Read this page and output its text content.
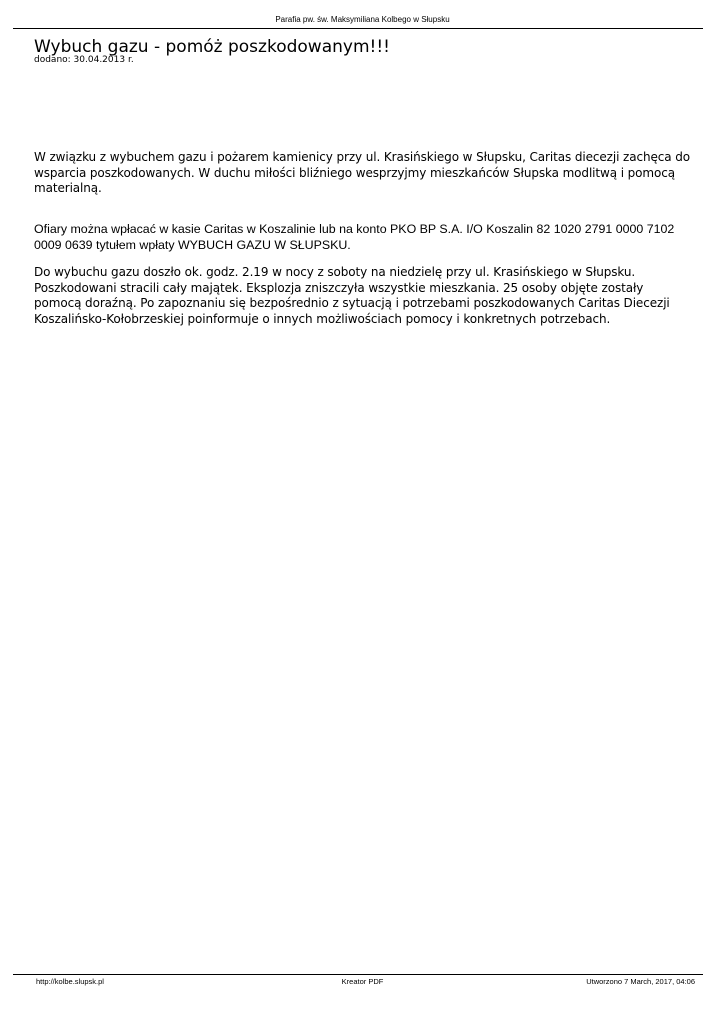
Parafia pw. św. Maksymiliana Kolbego w Słupsku
Wybuch gazu - pomóż poszkodowanym!!!
dodano: 30.04.2013 r.

W związku z wybuchem gazu i pożarem kamienicy przy ul. Krasińskiego w Słupsku, Caritas diecezji zachęca do wsparcia poszkodowanych. W duchu miłości bliźniego wesprzyjmy mieszkańców Słupska modlitwą i pomocą materialną.

Ofiary można wpłacać w kasie Caritas w Koszalinie lub na konto PKO BP S.A. I/O Koszalin 82 1020 2791 0000 7102 0009 0639 tytułem wpłaty WYBUCH GAZU W SŁUPSKU.

Do wybuchu gazu doszło ok. godz. 2.19 w nocy z soboty na niedzielę przy ul. Krasińskiego w Słupsku. Poszkodowani stracili cały majątek. Eksplozja zniszczyła wszystkie mieszkania. 25 osoby objęte zostały pomocą doraźną. Po zapoznaniu się bezpośrednio z sytuacją i potrzebami poszkodowanych Caritas Diecezji Koszalińsko-Kołobrzeskiej poinformuje o innych możliwościach pomocy i konkretnych potrzebach.

http://kolbe.slupsk.pl	Kreator PDF	Utworzono 7 March, 2017, 04:06
